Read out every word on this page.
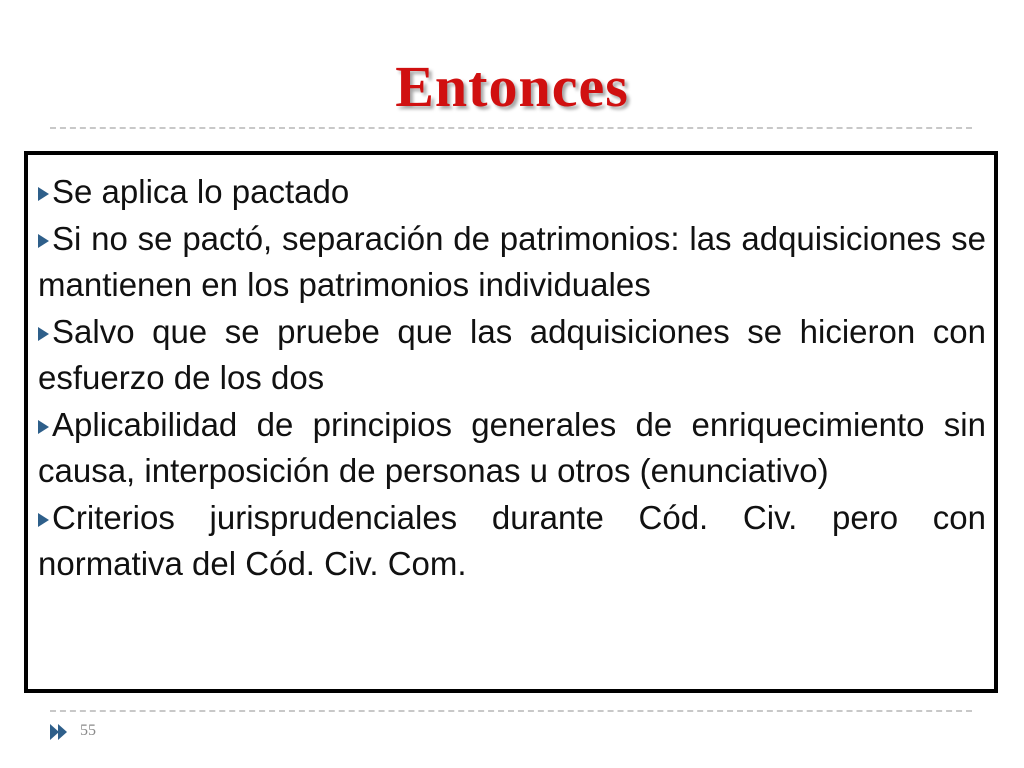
Entonces
Se aplica lo pactado
Si no se pactó, separación de patrimonios: las adquisiciones se mantienen en los patrimonios individuales
Salvo que se pruebe que las adquisiciones se hicieron con esfuerzo de los dos
Aplicabilidad de principios generales de enriquecimiento sin causa, interposición de personas u otros (enunciativo)
Criterios jurisprudenciales durante Cód. Civ. pero con normativa del Cód. Civ. Com.
55
